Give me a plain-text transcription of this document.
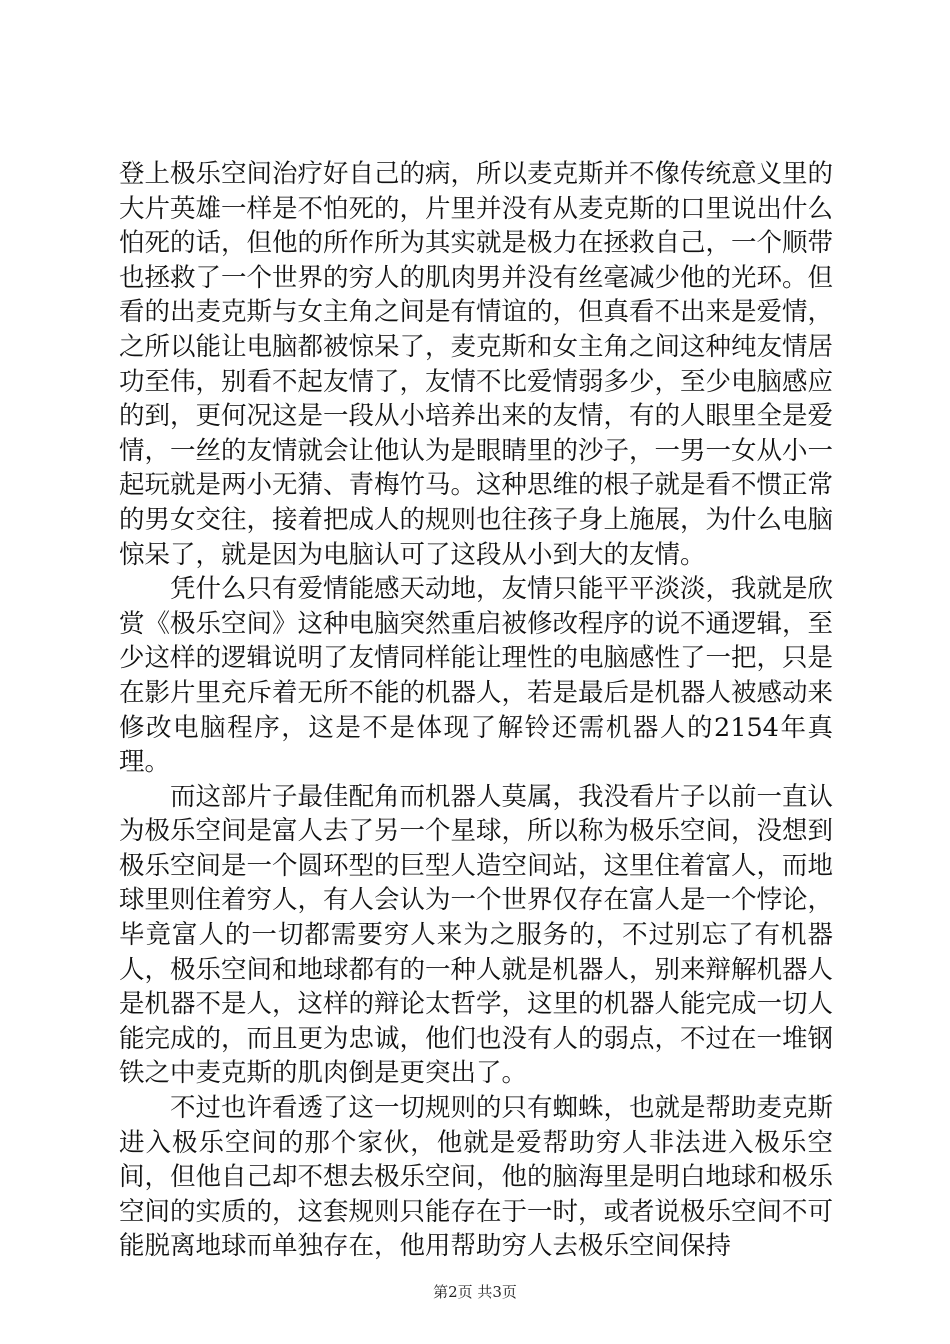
登上极乐空间治疗好自己的病，所以麦克斯并不像传统意义里的大片英雄一样是不怕死的，片里并没有从麦克斯的口里说出什么怕死的话，但他的所作所为其实就是极力在拯救自己，一个顺带也拯救了一个世界的穷人的肌肉男并没有丝毫减少他的光环。但看的出麦克斯与女主角之间是有情谊的，但真看不出来是爱情，之所以能让电脑都被惊呆了，麦克斯和女主角之间这种纯友情居功至伟，别看不起友情了，友情不比爱情弱多少，至少电脑感应的到，更何况这是一段从小培养出来的友情，有的人眼里全是爱情，一丝的友情就会让他认为是眼睛里的沙子，一男一女从小一起玩就是两小无猜、青梅竹马。这种思维的根子就是看不惯正常的男女交往，接着把成人的规则也往孩子身上施展，为什么电脑惊呆了，就是因为电脑认可了这段从小到大的友情。

凭什么只有爱情能感天动地，友情只能平平淡淡，我就是欣赏《极乐空间》这种电脑突然重启被修改程序的说不通逻辑，至少这样的逻辑说明了友情同样能让理性的电脑感性了一把，只是在影片里充斥着无所不能的机器人，若是最后是机器人被感动来修改电脑程序，这是不是体现了解铃还需机器人的2154年真理。

而这部片子最佳配角而机器人莫属，我没看片子以前一直认为极乐空间是富人去了另一个星球，所以称为极乐空间，没想到极乐空间是一个圆环型的巨型人造空间站，这里住着富人，而地球里则住着穷人，有人会认为一个世界仅存在富人是一个悖论，毕竟富人的一切都需要穷人来为之服务的，不过别忘了有机器人，极乐空间和地球都有的一种人就是机器人，别来辩解机器人是机器不是人，这样的辩论太哲学，这里的机器人能完成一切人能完成的，而且更为忠诚，他们也没有人的弱点，不过在一堆钢铁之中麦克斯的肌肉倒是更突出了。

不过也许看透了这一切规则的只有蜘蛛，也就是帮助麦克斯进入极乐空间的那个家伙，他就是爱帮助穷人非法进入极乐空间，但他自己却不想去极乐空间，他的脑海里是明白地球和极乐空间的实质的，这套规则只能存在于一时，或者说极乐空间不可能脱离地球而单独存在，他用帮助穷人去极乐空间保持

第2页 共3页
